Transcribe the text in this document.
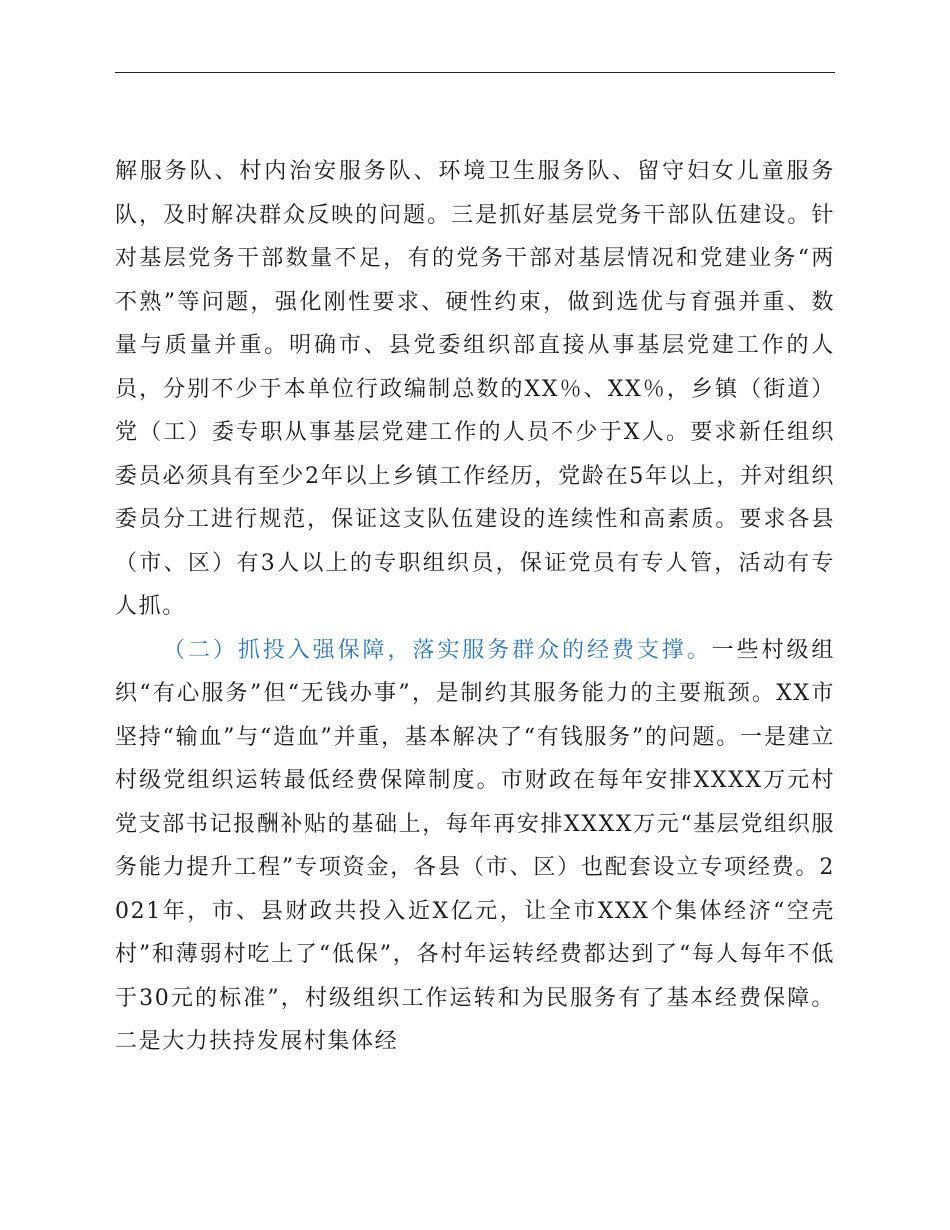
解服务队、村内治安服务队、环境卫生服务队、留守妇女儿童服务队，及时解决群众反映的问题。三是抓好基层党务干部队伍建设。针对基层党务干部数量不足，有的党务干部对基层情况和党建业务“两不熟”等问题，强化刚性要求、硬性约束，做到选优与育强并重、数量与质量并重。明确市、县党委组织部直接从事基层党建工作的人员，分别不少于本单位行政编制总数的XX％、XX％，乡镇（街道）党（工）委专职从事基层党建工作的人员不少于X人。要求新任组织委员必须具有至少2年以上乡镇工作经历，党龄在5年以上，并对组织委员分工进行规范，保证这支队伍建设的连续性和高素质。要求各县（市、区）有3人以上的专职组织员，保证党员有专人管，活动有专人抓。

（二）抓投入强保障，落实服务群众的经费支撑。一些村级组织“有心服务”但“无钱办事”，是制约其服务能力的主要瓶颈。XX市坚持“输血”与“造血”并重，基本解决了“有钱服务”的问题。一是建立村级党组织运转最低经费保障制度。市财政在每年安排XXXX万元村党支部书记报酬补贴的基础上，每年再安排XXXX万元“基层党组织服务能力提升工程”专项资金，各县（市、区）也配套设立专项经费。2021年，市、县财政共投入近X亿元，让全市XXX个集体经济“空壳村”和薄弱村吃上了“低保”，各村年运转经费都达到了“每人每年不低于30元的标准”，村级组织工作运转和为民服务有了基本经费保障。二是大力扶持发展村集体经
